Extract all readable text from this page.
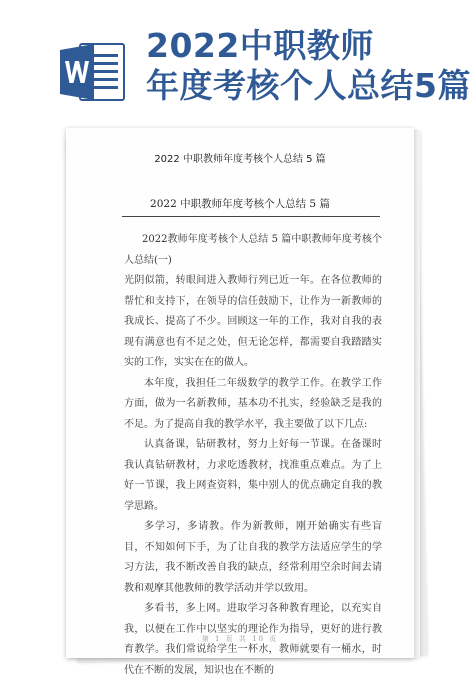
2022中职教师
年度考核个人总结5篇
2022 中职教师年度考核个人总结 5 篇
2022 中职教师年度考核个人总结 5 篇

2022教师年度考核个人总结 5 篇中职教师年度考核个人总结(一)

光阴似箭，转眼间进入教师行列已近一年。在各位教师的帮忙和支持下，在领导的信任鼓励下，让作为一新教师的我成长、提高了不少。回顾这一年的工作，我对自我的表现有满意也有不足之处，但无论怎样，都需要自我踏踏实实的工作，实实在在的做人。

本年度，我担任二年级数学的教学工作。在教学工作方面，做为一名新教师，基本功不扎实，经验缺乏是我的不足。为了提高自我的教学水平，我主要做了以下几点:

认真备课，钻研教材，努力上好每一节课。在备课时我认真钻研教材，力求吃透教材，找准重点难点。为了上好一节课，我上网查资料，集中别人的优点确定自我的教学思路。

多学习，多请教。作为新教师，刚开始确实有些盲目，不知如何下手，为了让自我的教学方法适应学生的学习方法，我不断改善自我的缺点，经常利用空余时间去请教和观摩其他教师的教学活动并学以致用。

多看书，多上网。进取学习各种教育理论，以充实自我，以便在工作中以坚实的理论作为指导，更好的进行教育教学。我们常说给学生一杯水，教师就要有一桶水，时代在不断的发展，知识也在不断的

第 1 页 共 10 页
